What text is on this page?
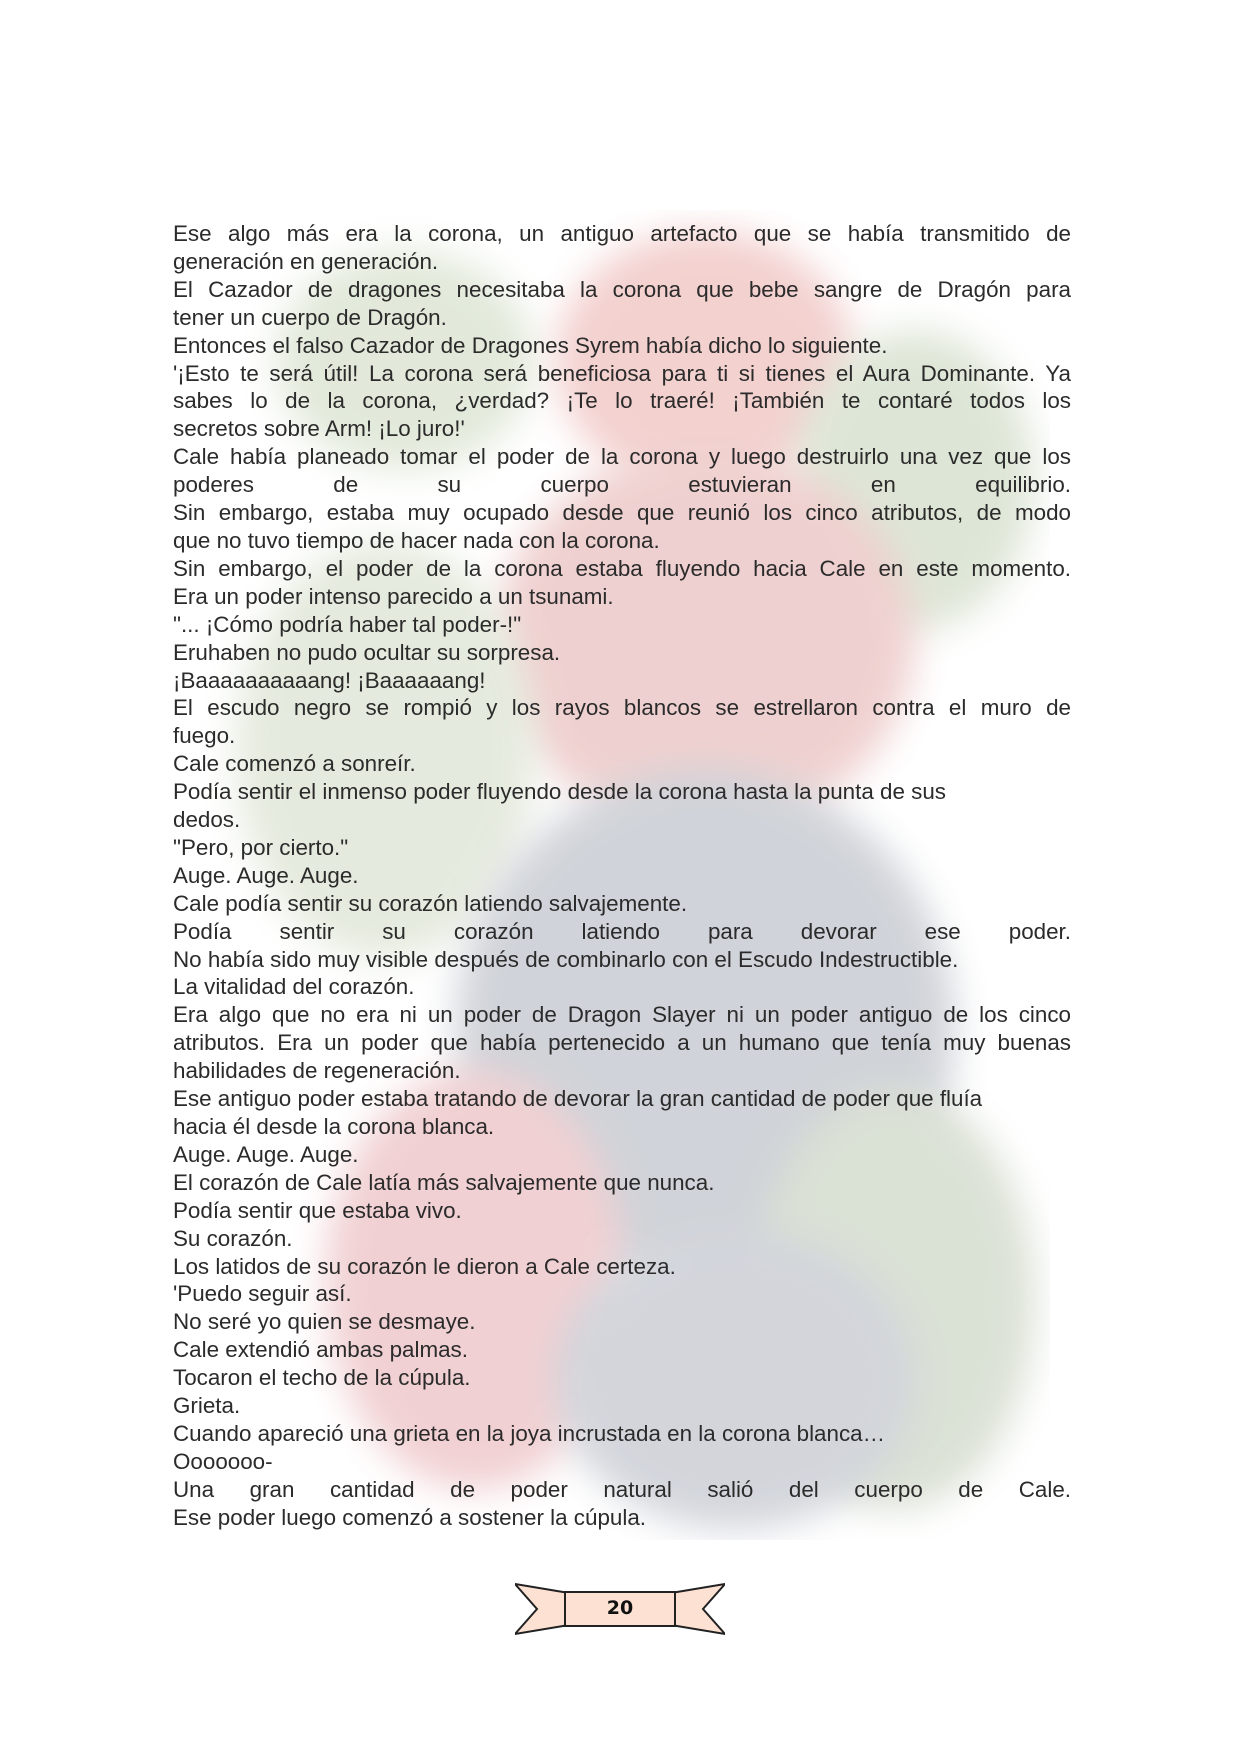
Ese algo más era la corona, un antiguo artefacto que se había transmitido de

generación en generación.

El Cazador de dragones necesitaba la corona que bebe sangre de Dragón para

tener un cuerpo de Dragón.

Entonces el falso Cazador de Dragones Syrem había dicho lo siguiente.

'¡Esto te será útil! La corona será beneficiosa para ti si tienes el Aura Dominante. Ya

sabes lo de la corona, ¿verdad? ¡Te lo traeré! ¡También te contaré todos los

secretos sobre Arm! ¡Lo juro!'

Cale había planeado tomar el poder de la corona y luego destruirlo una vez que los

poderes de su cuerpo estuvieran en equilibrio.

Sin embargo, estaba muy ocupado desde que reunió los cinco atributos, de modo

que no tuvo tiempo de hacer nada con la corona.

Sin embargo, el poder de la corona estaba fluyendo hacia Cale en este momento.

Era un poder intenso parecido a un tsunami.

"... ¡Cómo podría haber tal poder-!"

Eruhaben no pudo ocultar su sorpresa.

¡Baaaaaaaaaang! ¡Baaaaaang!

El escudo negro se rompió y los rayos blancos se estrellaron contra el muro de

fuego.

Cale comenzó a sonreír.

Podía sentir el inmenso poder fluyendo desde la corona hasta la punta de sus

dedos.

"Pero, por cierto."

Auge. Auge. Auge.

Cale podía sentir su corazón latiendo salvajemente.

Podía sentir su corazón latiendo para devorar ese poder.

No había sido muy visible después de combinarlo con el Escudo Indestructible.

La vitalidad del corazón.

Era algo que no era ni un poder de Dragon Slayer ni un poder antiguo de los cinco

atributos. Era un poder que había pertenecido a un humano que tenía muy buenas

habilidades de regeneración.

Ese antiguo poder estaba tratando de devorar la gran cantidad de poder que fluía

hacia él desde la corona blanca.

Auge. Auge. Auge.

El corazón de Cale latía más salvajemente que nunca.

Podía sentir que estaba vivo.

Su corazón.

Los latidos de su corazón le dieron a Cale certeza.

'Puedo seguir así.

No seré yo quien se desmaye.

Cale extendió ambas palmas.

Tocaron el techo de la cúpula.

Grieta.

Cuando apareció una grieta en la joya incrustada en la corona blanca…

Ooooooo-

Una gran cantidad de poder natural salió del cuerpo de Cale.

Ese poder luego comenzó a sostener la cúpula.

20
